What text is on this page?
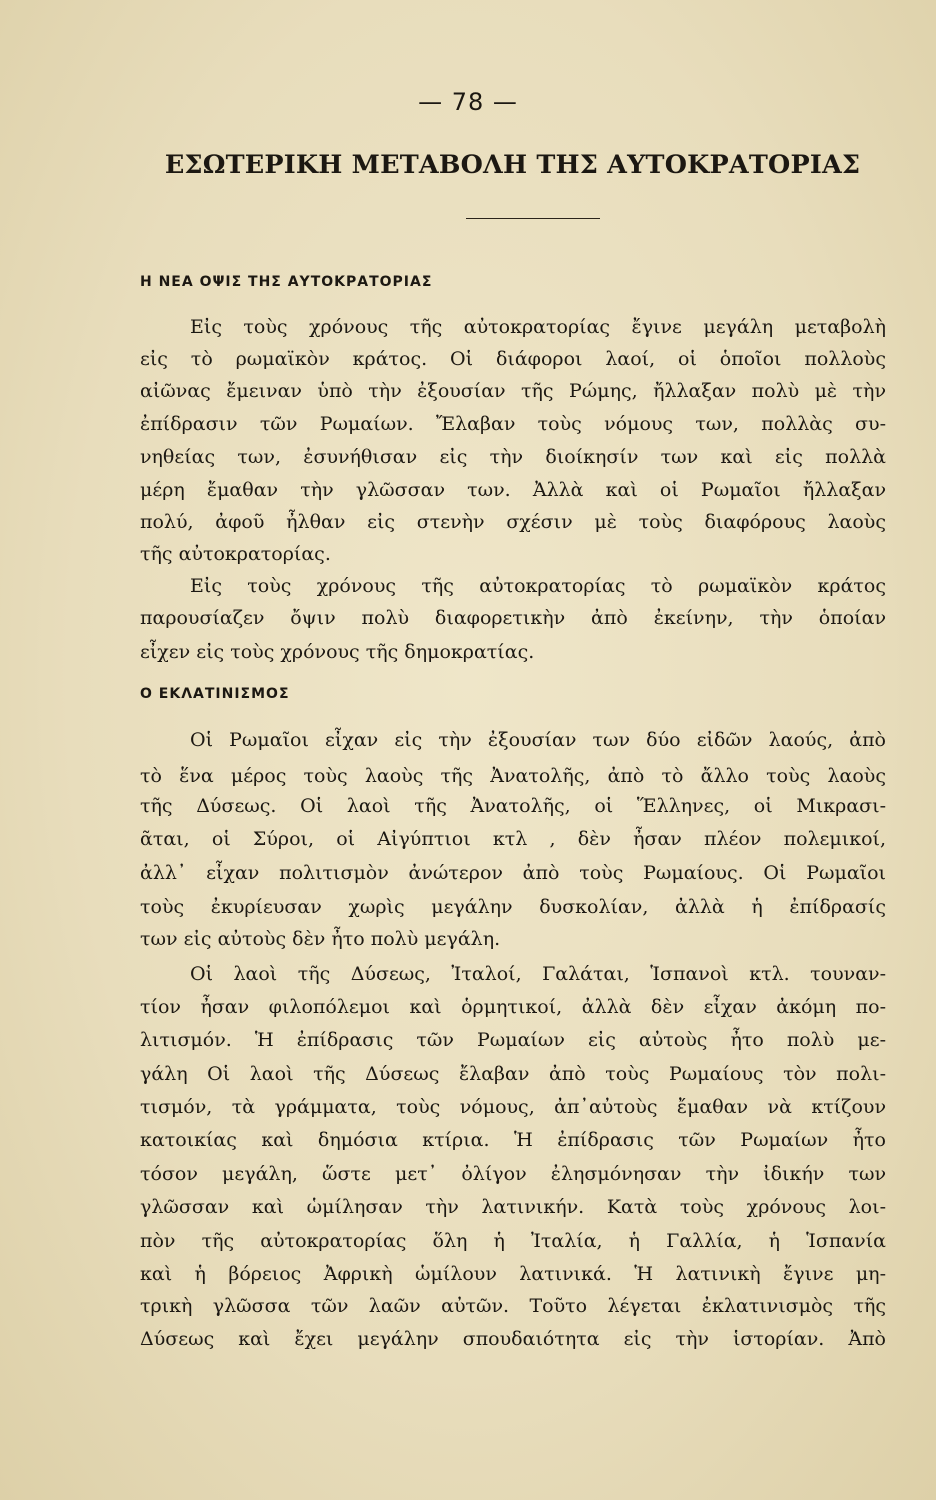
— 78 —
ΕΣΩΤΕΡΙΚΗ ΜΕΤΑΒΟΛΗ ΤΗΣ ΑΥΤΟΚΡΑΤΟΡΙΑΣ
Η ΝΕΑ ΟΨΙΣ ΤΗΣ ΑΥΤΟΚΡΑΤΟΡΙΑΣ
Εἰς τοὺς χρόνους τῆς αὐτοκρατορίας ἔγινε μεγάλη μεταβολὴ
εἰς τὸ ρωμαϊκὸν κράτος. Οἱ διάφοροι λαοί, οἱ ὁποῖοι πολλοὺς
αἰῶνας ἔμειναν ὑπὸ τὴν ἐξουσίαν τῆς Ρώμης, ἤλλαξαν πολὺ μὲ τὴν
ἐπίδρασιν τῶν Ρωμαίων. Ἔλαβαν τοὺς νόμους των, πολλὰς συ-
νηθείας των, ἐσυνήθισαν εἰς τὴν διοίκησίν των καὶ εἰς πολλὰ
μέρη ἔμαθαν τὴν γλῶσσαν των. Ἀλλὰ καὶ οἱ Ρωμαῖοι ἤλλαξαν
πολύ, ἀφοῦ ἦλθαν εἰς στενὴν σχέσιν μὲ τοὺς διαφόρους λαοὺς
τῆς αὐτοκρατορίας.
Εἰς τοὺς χρόνους τῆς αὐτοκρατορίας τὸ ρωμαϊκὸν κράτος
παρουσίαζεν ὄψιν πολὺ διαφορετικὴν ἀπὸ ἐκείνην, τὴν ὁποίαν
εἶχεν εἰς τοὺς χρόνους τῆς δημοκρατίας.
Ο ΕΚΛΑΤΙΝΙΣΜΟΣ
Οἱ Ρωμαῖοι εἶχαν εἰς τὴν ἐξουσίαν των δύο εἰδῶν λαούς, ἀπὸ
τὸ ἕνα μέρος τοὺς λαοὺς τῆς Ἀνατολῆς, ἀπὸ τὸ ἄλλο τοὺς λαοὺς
τῆς Δύσεως. Οἱ λαοὶ τῆς Ἀνατολῆς, οἱ Ἕλληνες, οἱ Μικρασι-
ᾶται, οἱ Σύροι, οἱ Αἰγύπτιοι κτλ , δὲν ἦσαν πλέον πολεμικοί,
ἀλλ᾽ εἶχαν πολιτισμὸν ἀνώτερον ἀπὸ τοὺς Ρωμαίους. Οἱ Ρωμαῖοι
τοὺς ἐκυρίευσαν χωρὶς μεγάλην δυσκολίαν, ἀλλὰ ἡ ἐπίδρασίς
των εἰς αὐτοὺς δὲν ἦτο πολὺ μεγάλη.
Οἱ λαοὶ τῆς Δύσεως, Ἰταλοί, Γαλάται, Ἱσπανοὶ κτλ. τουναν-
τίον ἦσαν φιλοπόλεμοι καὶ ὁρμητικοί, ἀλλὰ δὲν εἶχαν ἀκόμη πο-
λιτισμόν. Ἡ ἐπίδρασις τῶν Ρωμαίων εἰς αὐτοὺς ἦτο πολὺ με-
γάλη Οἱ λαοὶ τῆς Δύσεως ἔλαβαν ἀπὸ τοὺς Ρωμαίους τὸν πολι-
τισμόν, τὰ γράμματα, τοὺς νόμους, ἀπ᾽αὐτοὺς ἔμαθαν νὰ κτίζουν
κατοικίας καὶ δημόσια κτίρια. Ἡ ἐπίδρασις τῶν Ρωμαίων ἦτο
τόσον μεγάλη, ὥστε μετ᾽ ὀλίγον ἐλησμόνησαν τὴν ἰδικήν των
γλῶσσαν καὶ ὡμίλησαν τὴν λατινικήν. Κατὰ τοὺς χρόνους λοι-
πὸν τῆς αὐτοκρατορίας ὅλη ἡ Ἰταλία, ἡ Γαλλία, ἡ Ἱσπανία
καὶ ἡ βόρειος Ἀφρικὴ ὡμίλουν λατινικά. Ἡ λατινικὴ ἔγινε μη-
τρικὴ γλῶσσα τῶν λαῶν αὐτῶν. Τοῦτο λέγεται ἐκλατινισμὸς τῆς
Δύσεως καὶ ἔχει μεγάλην σπουδαιότητα εἰς τὴν ἱστορίαν. Ἀπὸ
